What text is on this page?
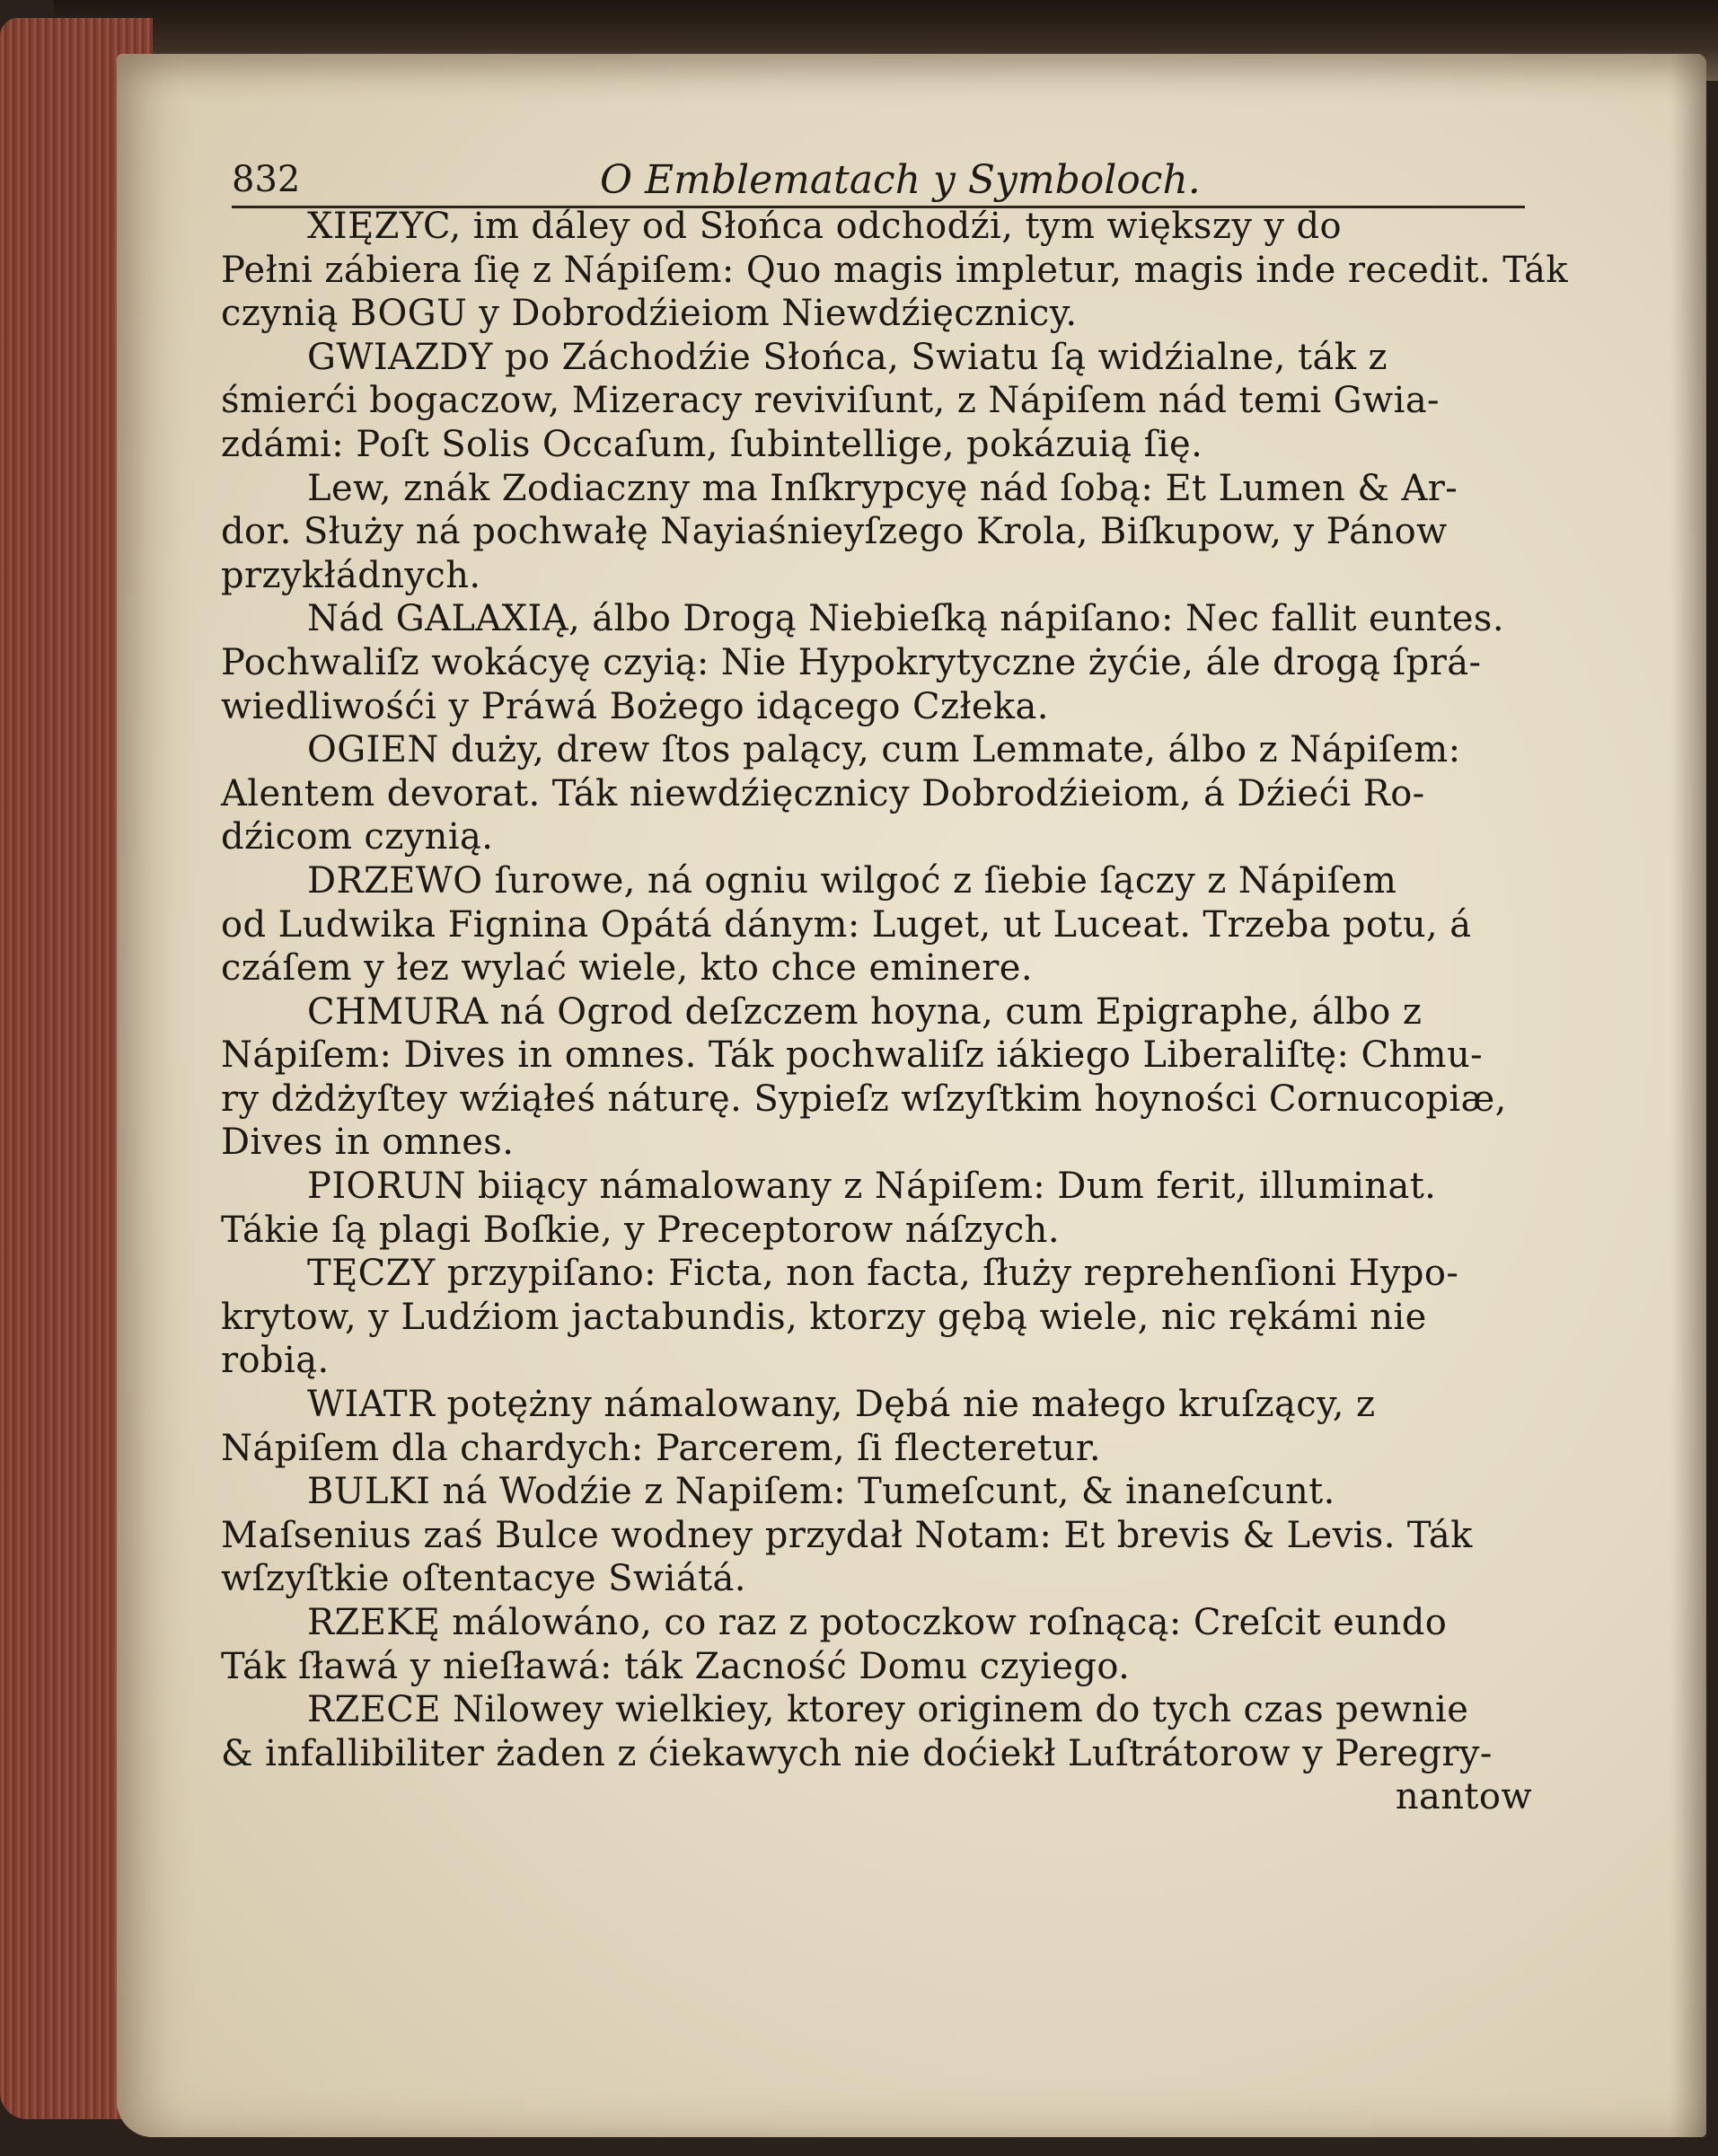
832	O Emblematach y Symboloch.

XIĘZYC, im dáley od Słońca odchodźi, tym większy y do
Pełni zábiera ſię z Nápiſem: Quo magis impletur, magis inde recedit. Ták
czynią BOGU y Dobrodźieiom Niewdźięcznicy.

GWIAZDY po Záchodźie Słońca, Swiatu ſą widźialne, ták z
śmierći bogaczow, Mizeracy reviviſunt, z Nápiſem nád temi Gwia-
zdámi: Poſt Solis Occaſum, ſubintellige, pokázuią ſię.

Lew, znák Zodiaczny ma Inſkrypcyę nád ſobą: Et Lumen & Ar-
dor. Służy ná pochwałę Nayiaśnieyſzego Krola, Biſkupow, y Pánow
przykłádnych.

Nád GALAXIĄ, álbo Drogą Niebieſką nápiſano: Nec fallit euntes.
Pochwaliſz wokácyę czyią: Nie Hypokrytyczne żyćie, ále drogą ſprá-
wiedliwośći y Práwá Bożego idącego Człeka.

OGIEN duży, drew ſtos palący, cum Lemmate, álbo z Nápiſem:
Alentem devorat. Ták niewdźięcznicy Dobrodźieiom, á Dźieći Ro-
dźicom czynią.

DRZEWO ſurowe, ná ogniu wilgoć z ſiebie ſączy z Nápiſem
od Ludwika Fignina Opátá dánym: Luget, ut Luceat. Trzeba potu, á
czáſem y łez wylać wiele, kto chce eminere.

CHMURA ná Ogrod deſzczem hoyna, cum Epigraphe, álbo z
Nápiſem: Dives in omnes. Ták pochwaliſz iákiego Liberaliſtę: Chmu-
ry dżdżyſtey wźiąłeś náturę. Sypieſz wſzyſtkim hoyności Cornucopiæ,
Dives in omnes.

PIORUN biiący námalowany z Nápiſem: Dum ferit, illuminat.
Tákie ſą plagi Boſkie, y Preceptorow náſzych.

TĘCZY przypiſano: Ficta, non facta, ſłuży reprehenſioni Hypo-
krytow, y Ludźiom jactabundis, ktorzy gębą wiele, nic rękámi nie
robią.

WIATR potężny námalowany, Dębá nie małego kruſzący, z
Nápiſem dla chardych: Parcerem, ſi flecteretur.

BULKI ná Wodźie z Napiſem: Tumeſcunt, & inaneſcunt.
Maſsenius zaś Bulce wodney przydał Notam: Et brevis & Levis. Ták
wſzyſtkie oſtentacye Swiátá.

RZEKĘ málowáno, co raz z potoczkow roſnącą: Creſcit eundo
Ták ſławá y nieſławá: ták Zacność Domu czyiego.

RZECE Nilowey wielkiey, ktorey originem do tych czas pewnie
& infallibiliter żaden z ćiekawych nie doćiekł Luſtrátorow y Peregry-

nantow
